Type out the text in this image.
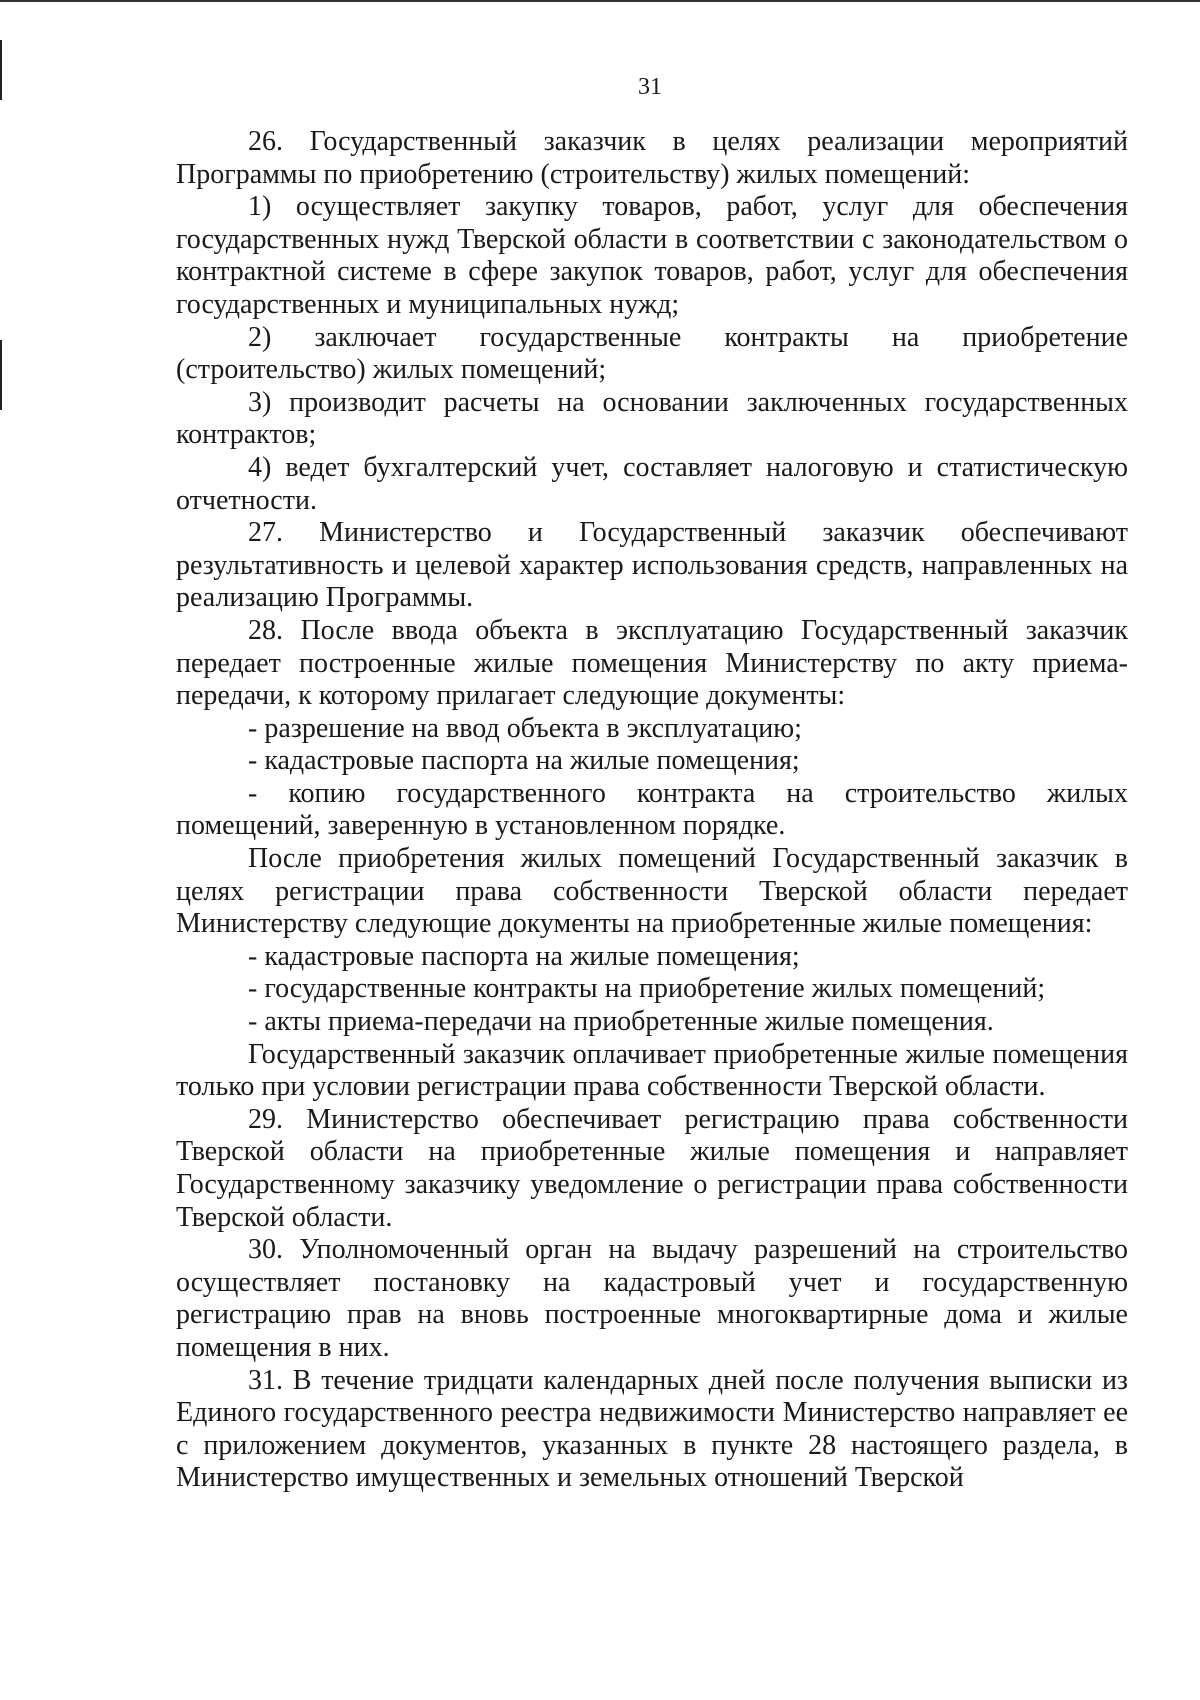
31

26. Государственный заказчик в целях реализации мероприятий Программы по приобретению (строительству) жилых помещений:

1) осуществляет закупку товаров, работ, услуг для обеспечения государственных нужд Тверской области в соответствии с законодательством о контрактной системе в сфере закупок товаров, работ, услуг для обеспечения государственных и муниципальных нужд;

2) заключает государственные контракты на приобретение (строительство) жилых помещений;

3) производит расчеты на основании заключенных государственных контрактов;

4) ведет бухгалтерский учет, составляет налоговую и статистическую отчетности.

27. Министерство и Государственный заказчик обеспечивают результативность и целевой характер использования средств, направленных на реализацию Программы.

28. После ввода объекта в эксплуатацию Государственный заказчик передает построенные жилые помещения Министерству по акту приема-передачи, к которому прилагает следующие документы:

- разрешение на ввод объекта в эксплуатацию;

- кадастровые паспорта на жилые помещения;

- копию государственного контракта на строительство жилых помещений, заверенную в установленном порядке.

После приобретения жилых помещений Государственный заказчик в целях регистрации права собственности Тверской области передает Министерству следующие документы на приобретенные жилые помещения:

- кадастровые паспорта на жилые помещения;

- государственные контракты на приобретение жилых помещений;

- акты приема-передачи на приобретенные жилые помещения.

Государственный заказчик оплачивает приобретенные жилые помещения только при условии регистрации права собственности Тверской области.

29. Министерство обеспечивает регистрацию права собственности Тверской области на приобретенные жилые помещения и направляет Государственному заказчику уведомление о регистрации права собственности Тверской области.

30. Уполномоченный орган на выдачу разрешений на строительство осуществляет постановку на кадастровый учет и государственную регистрацию прав на вновь построенные многоквартирные дома и жилые помещения в них.

31. В течение тридцати календарных дней после получения выписки из Единого государственного реестра недвижимости Министерство направляет ее с приложением документов, указанных в пункте 28 настоящего раздела, в Министерство имущественных и земельных отношений Тверской
